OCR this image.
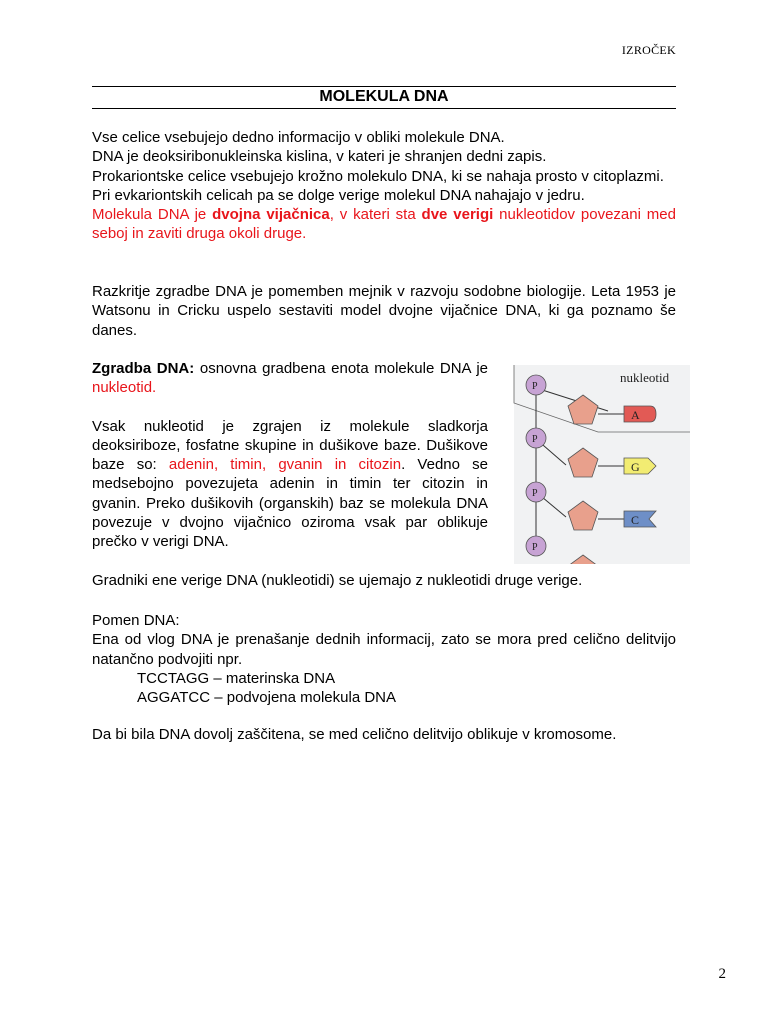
IZROČEK
MOLEKULA DNA

Vse celice vsebujejo dedno informacijo v obliki molekule DNA.

DNA je deoksiribonukleinska kislina, v kateri je shranjen dedni zapis.

Prokariontske celice vsebujejo krožno molekulo DNA, ki se nahaja prosto v citoplazmi.

Pri evkariontskih celicah pa se dolge verige molekul DNA nahajajo v jedru.

Molekula DNA je dvojna vijačnica, v kateri sta dve verigi nukleotidov povezani med seboj in zaviti druga okoli druge.

Razkritje zgradbe DNA je pomemben mejnik v razvoju sodobne biologije. Leta 1953 je Watsonu in Cricku uspelo sestaviti model dvojne vijačnice DNA, ki ga poznamo še danes.

Zgradba DNA: osnovna gradbena enota molekule DNA je nukleotid.

Vsak nukleotid je zgrajen iz molekule sladkorja deoksiriboze, fosfatne skupine in dušikove baze. Dušikove baze so: adenin, timin, gvanin in citozin. Vedno se medsebojno povezujeta adenin in timin ter citozin in gvanin. Preko dušikovih (organskih) baz se molekula DNA povezuje v dvojno vijačnico oziroma vsak par oblikuje prečko v verigi DNA.

nukleotid
A
G
C
P
P
P
P

Gradniki ene verige DNA (nukleotidi) se ujemajo z nukleotidi druge verige.

Pomen DNA:

Ena od vlog DNA je prenašanje dednih informacij, zato se mora pred celično delitvijo natančno podvojiti npr.

TCCTAGG – materinska DNA

AGGATCC – podvojena molekula DNA

Da bi bila DNA dovolj zaščitena, se med celično delitvijo oblikuje v kromosome.

2
